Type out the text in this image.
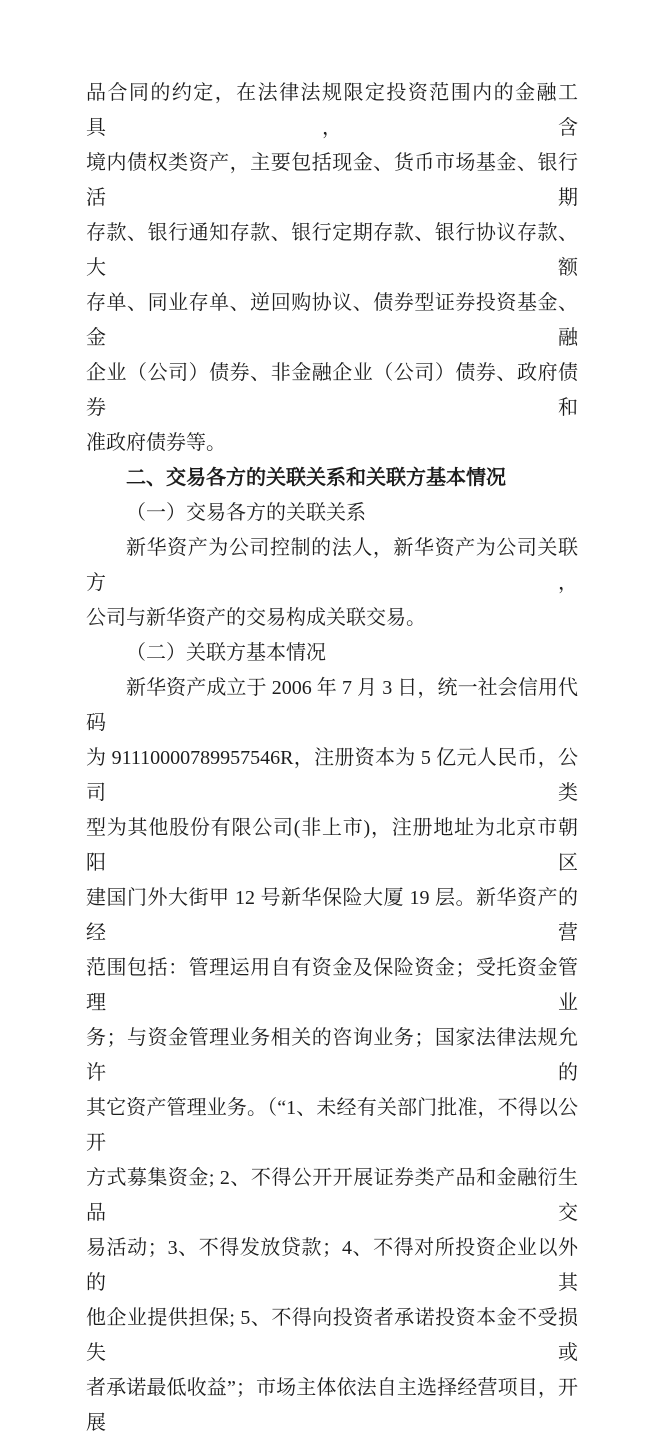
品合同的约定，在法律法规限定投资范围内的金融工具，含
境内债权类资产，主要包括现金、货币市场基金、银行活期
存款、银行通知存款、银行定期存款、银行协议存款、大额
存单、同业存单、逆回购协议、债券型证券投资基金、金融
企业（公司）债券、非金融企业（公司）债券、政府债券和
准政府债券等。
二、交易各方的关联关系和关联方基本情况
（一）交易各方的关联关系
新华资产为公司控制的法人，新华资产为公司关联方，
公司与新华资产的交易构成关联交易。
（二）关联方基本情况
新华资产成立于 2006 年 7 月 3 日，统一社会信用代码
为 91110000789957546R，注册资本为 5 亿元人民币，公司类
型为其他股份有限公司(非上市)，注册地址为北京市朝阳区
建国门外大街甲 12 号新华保险大厦 19 层。新华资产的经营
范围包括：管理运用自有资金及保险资金；受托资金管理业
务；与资金管理业务相关的咨询业务；国家法律法规允许的
其它资产管理业务。（“1、未经有关部门批准，不得以公开
方式募集资金; 2、不得公开开展证券类产品和金融衍生品交
易活动；3、不得发放贷款；4、不得对所投资企业以外的其
他企业提供担保; 5、不得向投资者承诺投资本金不受损失或
者承诺最低收益”；市场主体依法自主选择经营项目，开展
